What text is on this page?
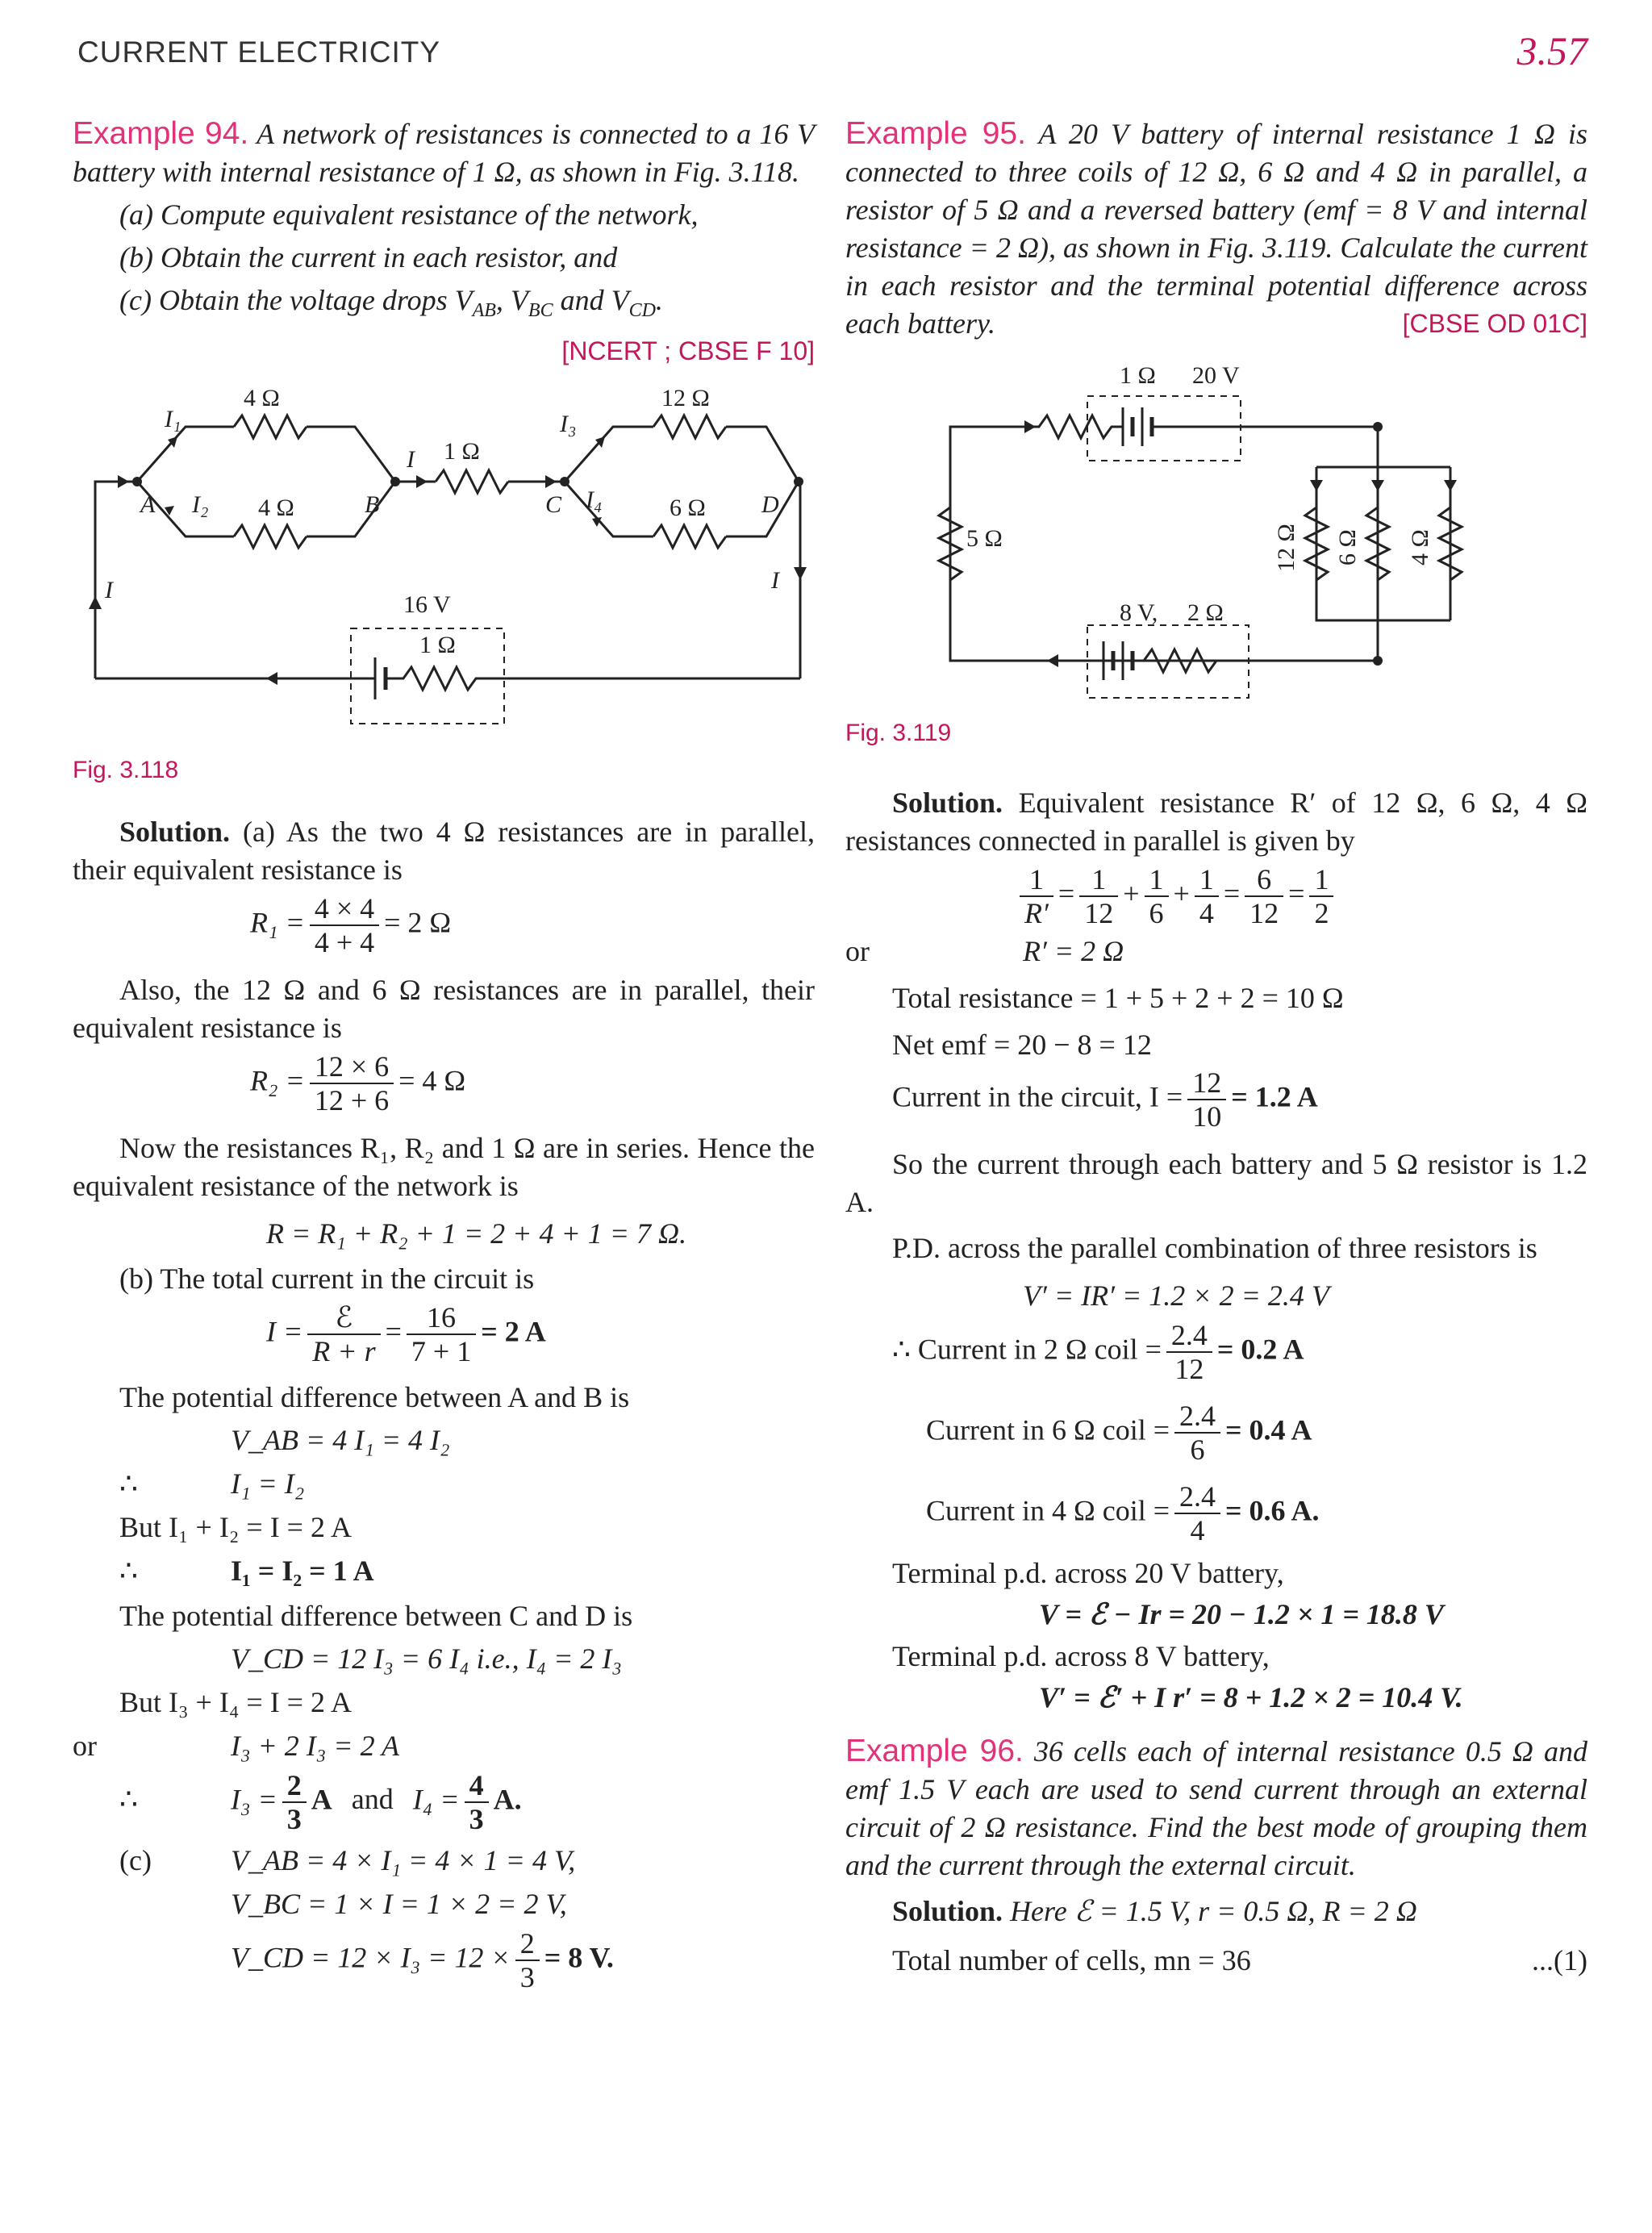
CURRENT ELECTRICITY	3.57

Example 94. A network of resistances is connected to a 16 V battery with internal resistance of 1 Ω, as shown in Fig. 3.118.

(a) Compute equivalent resistance of the network,

(b) Obtain the current in each resistor, and

(c) Obtain the voltage drops $V_{AB}$, $V_{BC}$ and $V_{CD}$.

[NCERT ; CBSE F 10]

4 Ω
4 Ω
1 Ω
12 Ω
6 Ω
16 V
1 Ω
A	B	C	D
I₁
I₂
I₃
I₄
I
I	I

Fig. 3.118

Solution. (a) As the two 4 Ω resistances are in parallel, their equivalent resistance is

$R_1 = \frac{4 \times 4}{4 + 4} = 2$ Ω

Also, the 12 Ω and 6 Ω resistances are in parallel, their equivalent resistance is

$R_2 = \frac{12 \times 6}{12 + 6} = 4$ Ω

Now the resistances R₁, R₂ and 1 Ω are in series. Hence the equivalent resistance of the network is

R = R₁ + R₂ + 1 = 2 + 4 + 1 = 7 Ω.

(b) The total current in the circuit is

$I = \frac{\text{ℰ}}{R + r} = \frac{16}{7 + 1} = 2$ A

The potential difference between A and B is

V_AB = 4 I₁ = 4 I₂
∴	I₁ = I₂
But I₁ + I₂ = I = 2 A
∴	I₁ = I₂ = 1 A

The potential difference between C and D is

V_CD = 12 I₃ = 6 I₄ i.e., I₄ = 2 I₃
But I₃ + I₄ = I = 2 A
or	I₃ + 2 I₃ = 2 A
∴	$I_3 = \frac{2}{3}$ A and $I_4 = \frac{4}{3} A$.
(c)	V_AB = 4 × I₁ = 4 × 1 = 4 V,
V_BC = 1 × I = 1 × 2 = 2 V,
V_CD = $12 \times I_3 = 12 \times \frac{2}{3} = 8$ V.

Example 95. A 20 V battery of internal resistance 1 Ω is connected to three coils of 12 Ω, 6 Ω and 4 Ω in parallel, a resistor of 5 Ω and a reversed battery (emf = 8 V and internal resistance = 2 Ω), as shown in Fig. 3.119. Calculate the current in each resistor and the terminal potential difference across each battery.	[CBSE OD 01C]

1 Ω 20 V
5 Ω
8 V, 2 Ω
12 Ω 6 Ω 4 Ω

Fig. 3.119

Solution. Equivalent resistance R′ of 12 Ω, 6 Ω, 4 Ω resistances connected in parallel is given by

$\frac{1}{R'} = \frac{1}{12} + \frac{1}{6} + \frac{1}{4} = \frac{6}{12} = \frac{1}{2}$
or	R′ = 2 Ω
Total resistance = 1 + 5 + 2 + 2 = 10 Ω
Net emf = 20 − 8 = 12
Current in the circuit, $I = \frac{12}{10} = 1.2$ A

So the current through each battery and 5 Ω resistor is 1.2 A.

P.D. across the parallel combination of three resistors is

V′ = IR′ = 1.2 × 2 = 2.4 V
∴ Current in 2 Ω coil = $\frac{2.4}{12} = 0.2$ A
Current in 6 Ω coil = $\frac{2.4}{6} = 0.4$ A
Current in 4 Ω coil = $\frac{2.4}{4} = 0.6$ A.

Terminal p.d. across 20 V battery,

V = ℰ − Ir = 20 − 1.2 × 1 = 18.8 V

Terminal p.d. across 8 V battery,

V′ = ℰ′ + I r′ = 8 + 1.2 × 2 = 10.4 V.

Example 96. 36 cells each of internal resistance 0.5 Ω and emf 1.5 V each are used to send current through an external circuit of 2 Ω resistance. Find the best mode of grouping them and the current through the external circuit.

Solution. Here ℰ = 1.5 V, r = 0.5 Ω, R = 2 Ω

Total number of cells, mn = 36	...(1)
